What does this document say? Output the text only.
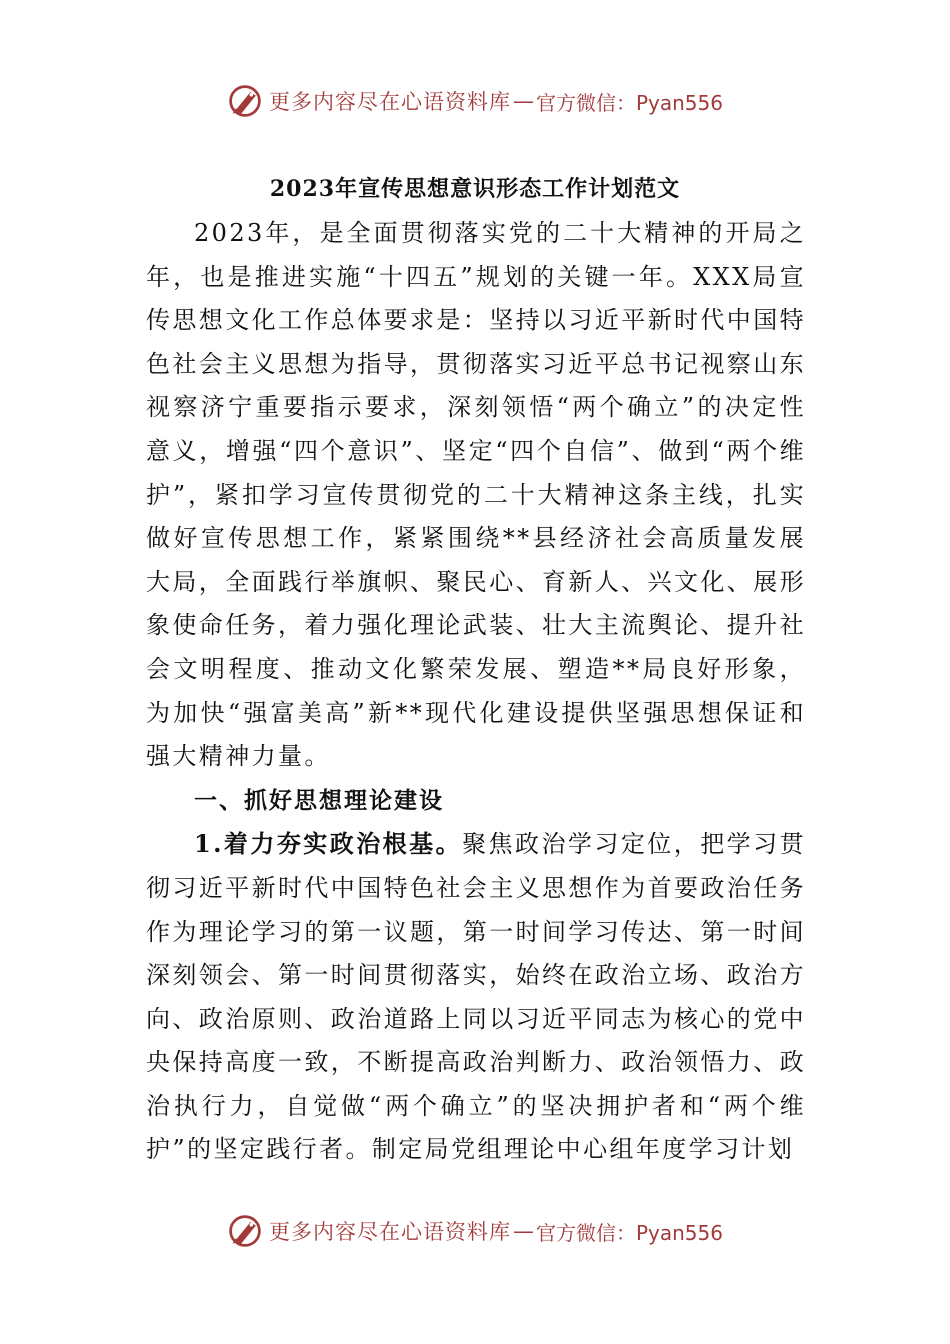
更多内容尽在心语资料库 — 官方微信：Pyan556
2023年宣传思想意识形态工作计划范文

2023年，是全面贯彻落实党的二十大精神的开局之年，也是推进实施“十四五”规划的关键一年。XXX局宣传思想文化工作总体要求是：坚持以习近平新时代中国特色社会主义思想为指导，贯彻落实习近平总书记视察山东视察济宁重要指示要求，深刻领悟“两个确立”的决定性意义，增强“四个意识”、坚定“四个自信”、做到“两个维护”，紧扣学习宣传贯彻党的二十大精神这条主线，扎实做好宣传思想工作，紧紧围绕**县经济社会高质量发展大局，全面践行举旗帜、聚民心、育新人、兴文化、展形象使命任务，着力强化理论武装、壮大主流舆论、提升社会文明程度、推动文化繁荣发展、塑造**局良好形象，为加快“强富美高”新**现代化建设提供坚强思想保证和强大精神力量。

一、抓好思想理论建设

1.着力夯实政治根基。聚焦政治学习定位，把学习贯彻习近平新时代中国特色社会主义思想作为首要政治任务作为理论学习的第一议题，第一时间学习传达、第一时间深刻领会、第一时间贯彻落实，始终在政治立场、政治方向、政治原则、政治道路上同以习近平同志为核心的党中央保持高度一致，不断提高政治判断力、政治领悟力、政治执行力，自觉做“两个确立”的坚决拥护者和“两个维护”的坚定践行者。制定局党组理论中心组年度学习计划

更多内容尽在心语资料库 — 官方微信：Pyan556
